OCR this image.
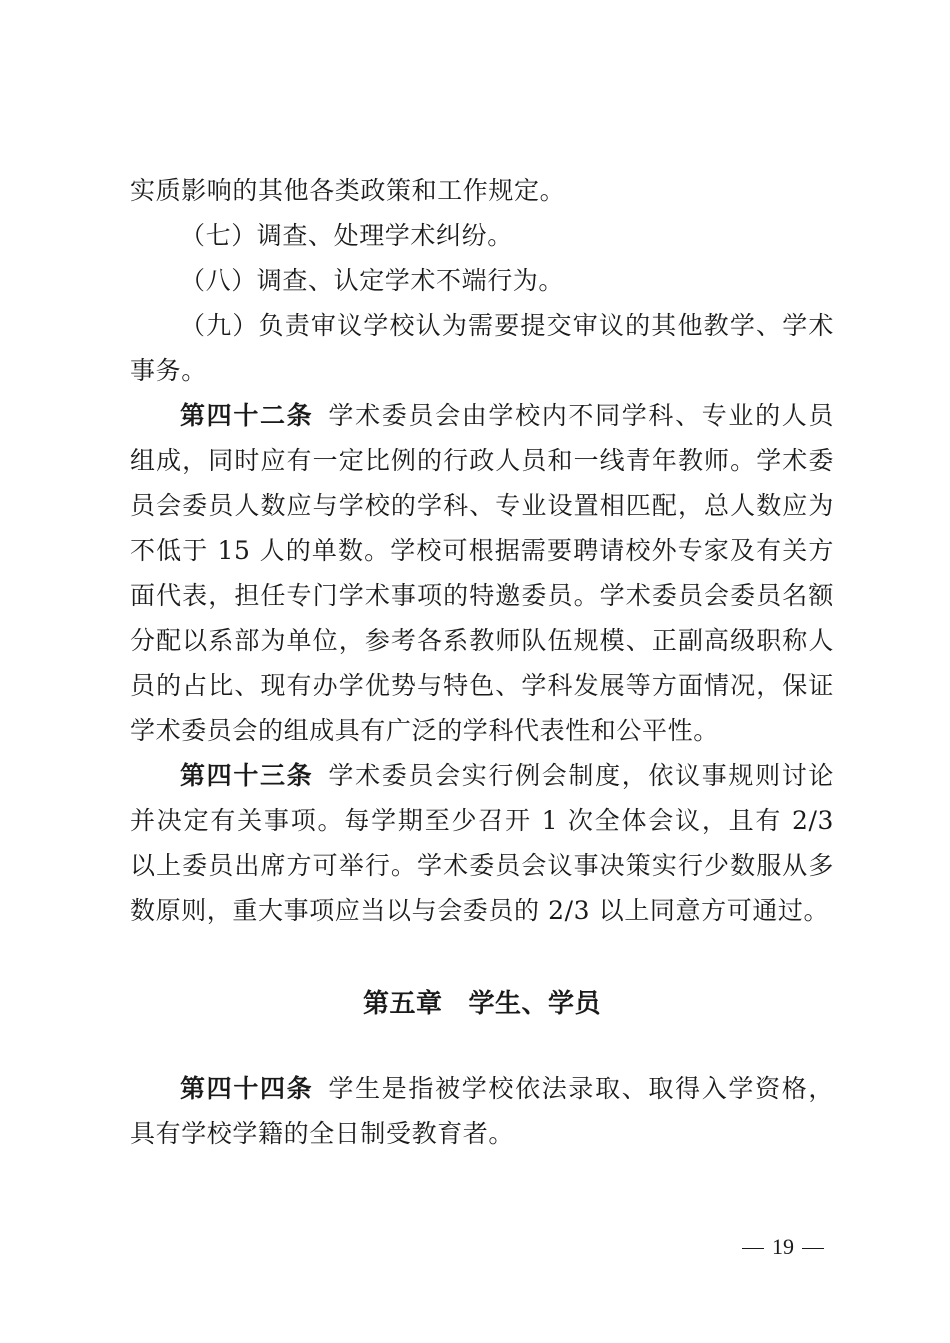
实质影响的其他各类政策和工作规定。

（七）调查、处理学术纠纷。

（八）调查、认定学术不端行为。

（九）负责审议学校认为需要提交审议的其他教学、学术事务。

第四十二条 学术委员会由学校内不同学科、专业的人员组成，同时应有一定比例的行政人员和一线青年教师。学术委员会委员人数应与学校的学科、专业设置相匹配，总人数应为不低于 15 人的单数。学校可根据需要聘请校外专家及有关方面代表，担任专门学术事项的特邀委员。学术委员会委员名额分配以系部为单位，参考各系教师队伍规模、正副高级职称人员的占比、现有办学优势与特色、学科发展等方面情况，保证学术委员会的组成具有广泛的学科代表性和公平性。

第四十三条 学术委员会实行例会制度，依议事规则讨论并决定有关事项。每学期至少召开 1 次全体会议，且有 2/3 以上委员出席方可举行。学术委员会议事决策实行少数服从多数原则，重大事项应当以与会委员的 2/3 以上同意方可通过。

第五章 学生、学员

第四十四条 学生是指被学校依法录取、取得入学资格，具有学校学籍的全日制受教育者。

19
